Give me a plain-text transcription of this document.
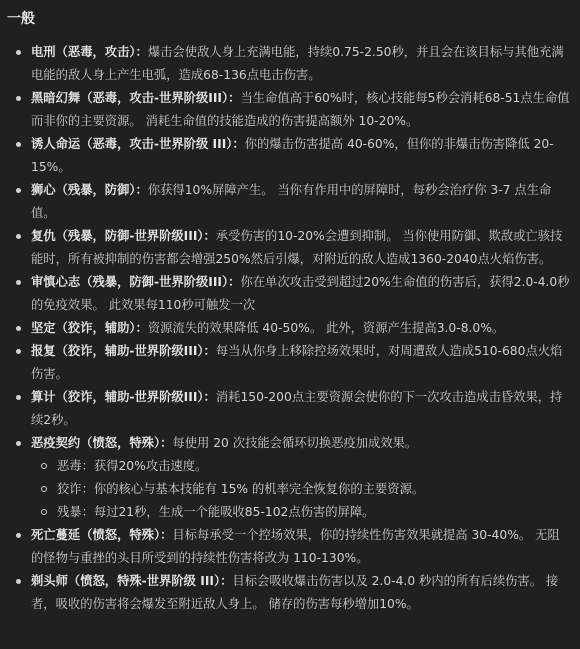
一般
电刑（恶毒，攻击）：爆击会使敌人身上充满电能，持续0.75-2.50秒，并且会在该目标与其他充满电能的敌人身上产生电弧，造成68-136点电击伤害。
黑暗幻舞（恶毒，攻击-世界阶级III）：当生命值高于60%时，核心技能每5秒会消耗68-51点生命值而非你的主要资源。 消耗生命值的技能造成的伤害提高额外 10-20%。
诱人命运（恶毒，攻击-世界阶级 III）：你的爆击伤害提高 40-60%，但你的非爆击伤害降低 20-15%。
狮心（残暴，防御）：你获得10%屏障产生。 当你有作用中的屏障时，每秒会治疗你 3-7 点生命值。
复仇（残暴，防御-世界阶级III）：承受伤害的10-20%会遭到抑制。 当你使用防御、欺敌或亡骇技能时，所有被抑制的伤害都会增强250%然后引爆，对附近的敌人造成1360-2040点火焰伤害。
审慎心志（残暴，防御-世界阶级III）：你在单次攻击受到超过20%生命值的伤害后，获得2.0-4.0秒的免疫效果。 此效果每110秒可触发一次
坚定（狡诈，辅助）：资源流失的效果降低 40-50%。 此外，资源产生提高3.0-8.0%。
报复（狡诈，辅助-世界阶级III）：每当从你身上移除控场效果时，对周遭敌人造成510-680点火焰伤害。
算计（狡诈，辅助-世界阶级III）：消耗150-200点主要资源会使你的下一次攻击造成击昏效果，持续2秒。
恶疫契约（愤怒，特殊）：每使用 20 次技能会循环切换恶疫加成效果。
恶毒：获得20%攻击速度。
狡诈：你的核心与基本技能有 15% 的机率完全恢复你的主要资源。
残暴：每过21秒，生成一个能吸收85-102点伤害的屏障。
死亡蔓延（愤怒，特殊）：目标每承受一个控场效果，你的持续性伤害效果就提高 30-40%。 无阻的怪物与重挫的头目所受到的持续性伤害将改为 110-130%。
剃头师（愤怒，特殊-世界阶级 III）：目标会吸收爆击伤害以及 2.0-4.0 秒内的所有后续伤害。 接者，吸收的伤害将会爆发至附近敌人身上。 储存的伤害每秒增加10%。
